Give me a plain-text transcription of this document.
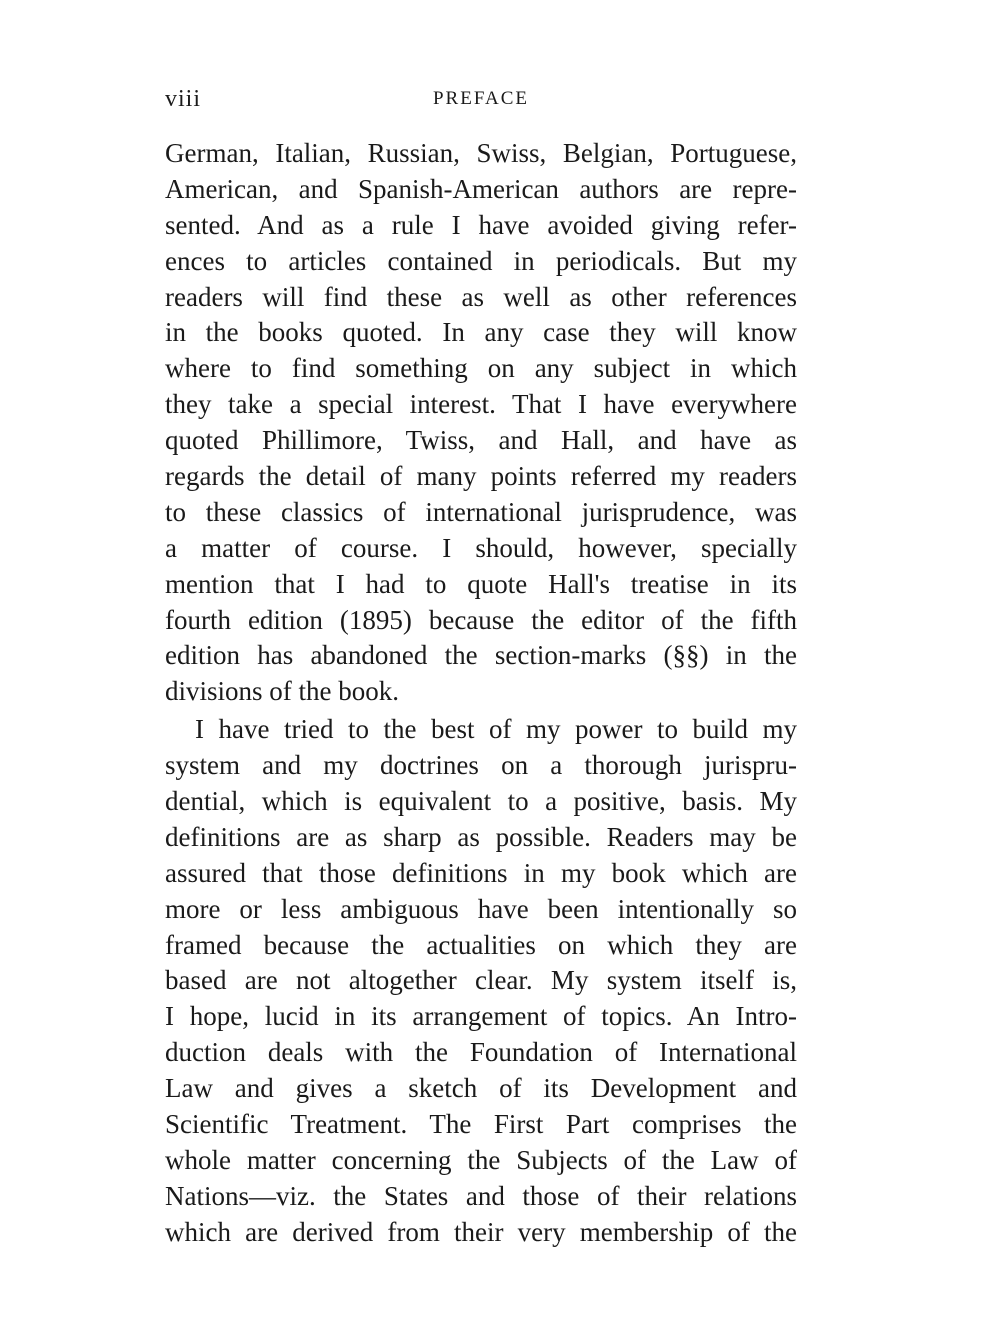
viii	PREFACE
German, Italian, Russian, Swiss, Belgian, Portuguese,
American, and Spanish-American authors are repre-
sented. And as a rule I have avoided giving refer-
ences to articles contained in periodicals. But my
readers will find these as well as other references
in the books quoted. In any case they will know
where to find something on any subject in which
they take a special interest. That I have everywhere
quoted Phillimore, Twiss, and Hall, and have as
regards the detail of many points referred my readers
to these classics of international jurisprudence, was
a matter of course. I should, however, specially
mention that I had to quote Hall's treatise in its
fourth edition (1895) because the editor of the fifth
edition has abandoned the section-marks (§§) in the
divisions of the book.
I have tried to the best of my power to build my
system and my doctrines on a thorough jurispru-
dential, which is equivalent to a positive, basis. My
definitions are as sharp as possible. Readers may be
assured that those definitions in my book which are
more or less ambiguous have been intentionally so
framed because the actualities on which they are
based are not altogether clear. My system itself is,
I hope, lucid in its arrangement of topics. An Intro-
duction deals with the Foundation of International
Law and gives a sketch of its Development and
Scientific Treatment. The First Part comprises the
whole matter concerning the Subjects of the Law of
Nations—viz. the States and those of their relations
which are derived from their very membership of the
